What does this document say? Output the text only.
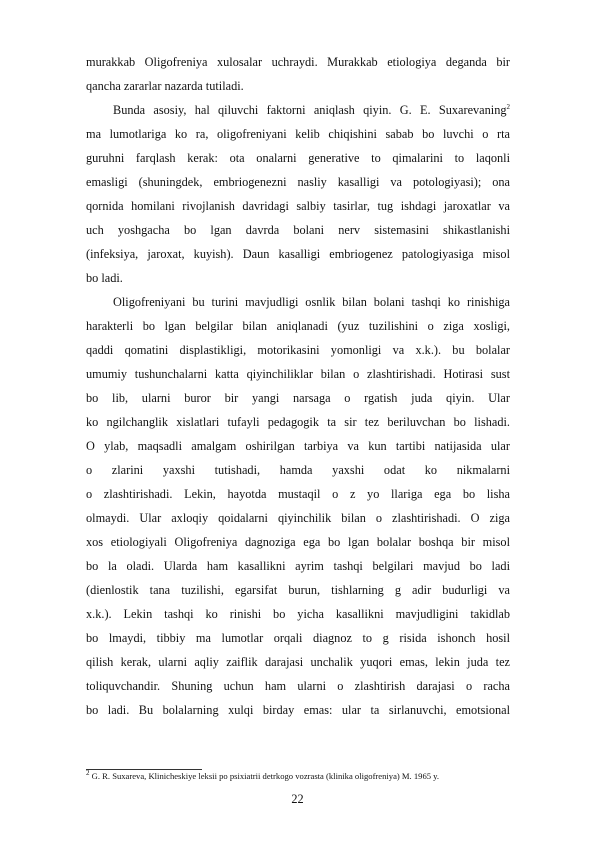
murakkab Oligofreniya xulosalar uchraydi. Murakkab etiologiya deganda bir
qancha zararlar nazarda tutiladi.
Bunda asosiy, hal qiluvchi faktorni aniqlash qiyin. G. E. Suxarevaning$^2$
ma lumotlariga ko ra, oligofreniyani kelib chiqishini sabab bo luvchi o rta
guruhni farqlash kerak: ota onalarni generative to qimalarini to laqonli
emasligi (shuningdek, embriogenezni nasliy kasalligi va potologiyasi); ona
qornida homilani rivojlanish davridagi salbiy tasirlar, tug ishdagi jaroxatlar va
uch yoshgacha bo lgan davrda bolani nerv sistemasini shikastlanishi
(infeksiya, jaroxat, kuyish). Daun kasalligi embriogenez patologiyasiga misol
bo ladi.
Oligofreniyani bu turini mavjudligi osnlik bilan bolani tashqi ko rinishiga
harakterli bo lgan belgilar bilan aniqlanadi (yuz tuzilishini o ziga xosligi,
qaddi qomatini displastikligi, motorikasini yomonligi va x.k.). bu bolalar
umumiy tushunchalarni katta qiyinchiliklar bilan o zlashtirishadi. Hotirasi sust
bo lib, ularni buror bir yangi narsaga o rgatish juda qiyin. Ular
ko ngilchanglik xislatlari tufayli pedagogik ta sir tez beriluvchan bo lishadi.
O ylab, maqsadli amalgam oshirilgan tarbiya va kun tartibi natijasida ular
o zlarini yaxshi tutishadi, hamda yaxshi odat ko nikmalarni
o zlashtirishadi. Lekin, hayotda mustaqil o z yo llariga ega bo lisha
olmaydi. Ular axloqiy qoidalarni qiyinchilik bilan o zlashtirishadi. O ziga
xos etiologiyali Oligofreniya dagnoziga ega bo lgan bolalar boshqa bir misol
bo la oladi. Ularda ham kasallikni ayrim tashqi belgilari mavjud bo ladi
(dienlostik tana tuzilishi, egarsifat burun, tishlarning g adir budurligi va
x.k.). Lekin tashqi ko rinishi bo yicha kasallikni mavjudligini takidlab
bo lmaydi, tibbiy ma lumotlar orqali diagnoz to g risida ishonch hosil
qilish kerak, ularni aqliy zaiflik darajasi unchalik yuqori emas, lekin juda tez
toliquvchandir. Shuning uchun ham ularni o zlashtirish darajasi o racha
bo ladi. Bu bolalarning xulqi birday emas: ular ta sirlanuvchi, emotsional
$^2$ G. R. Suxareva, Klinicheskiye leksii po psixiatrii detrkogo vozrasta (klinika oligofreniya) M. 1965 y.
22
